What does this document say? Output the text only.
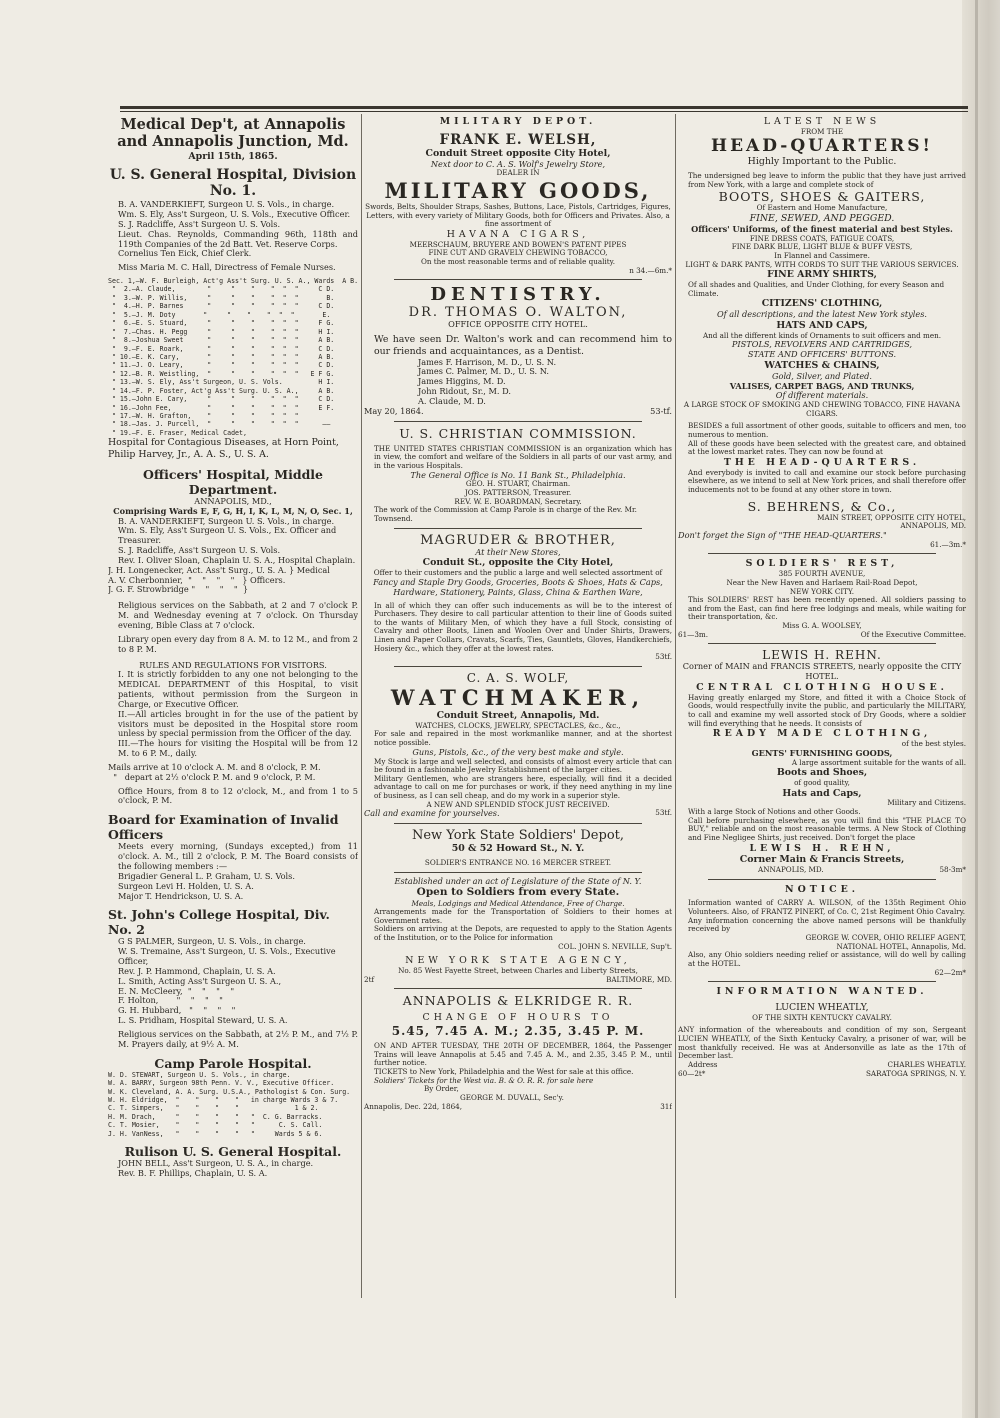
Medical Dep't, at Annapolis and Annapolis Junction, Md.

April 15th, 1865.

U. S. General Hospital, Division No. 1.

B. A. VANDERKIEFT, Surgeon U. S. Vols., in charge.

Wm. S. Ely, Ass't Surgeon, U. S. Vols., Executive Officer.

S. J. Radcliffe, Ass't Surgeon U. S. Vols.

Lieut. Chas. Reynolds, Commanding 96th, 118th and 119th Companies of the 2d Batt. Vet. Reserve Corps.

Cornelius Ten Eick, Chief Clerk.

Miss Maria M. C. Hall, Directress of Female Nurses.

Sec. 1,—W. F. Burleigh, Act'g Ass't Surg. U. S. A., Wards  A B.
"  2.—A. Claude,        "     "    "    "  "  "     C D.
"  3.—W. P. Willis,     "     "    "    "  "  "       B.
"  4.—H. P. Barnes      "     "    "    "  "  "     C D.
"  5.—J. M. Doty       "     "    "    "  "  "       E.
"  6.—E. S. Stuard,     "     "    "    "  "  "     F G.
"  7.—Chas. H. Pegg     "     "    "    "  "  "     H I.
"  8.—Joshua Sweet      "     "    "    "  "  "     A B.
"  9.—F. E. Roark,      "     "    "    "  "  "     C D.
" 10.—E. K. Cary,       "     "    "    "  "  "     A B.
" 11.—J. O. Leary,      "     "    "    "  "  "     C D.
" 12.—B. R. Weistling,  "     "    "    "  "  "   E F G.
" 13.—W. S. Ely, Ass't Surgeon, U. S. Vols.         H I.
" 14.—F. P. Foster, Act'g Ass't Surg. U. S. A.,     A B.
" 15.—John E. Cary,     "     "    "    "  "  "     C D.
" 16.—John Fee,         "     "    "    "  "  "     E F.
" 17.—W. H. Grafton,    "     "    "    "  "  "
" 18.—Jas. J. Purcell,  "     "    "    "  "  "      ——
" 19.—F. E. Fraser, Medical Cadet,

Hospital for Contagious Diseases, at Horn Point, Philip Harvey, Jr., A. A. S., U. S. A.

Officers' Hospital, Middle Department.

ANNAPOLIS, MD.,

Comprising Wards E, F, G, H, I, K, L, M, N, O, Sec. 1,

B. A. VANDERKIEFT, Surgeon U. S. Vols., in charge.

Wm. S. Ely, Ass't Surgeon U. S. Vols., Ex. Officer and Treasurer.

S. J. Radcliffe, Ass't Surgeon U. S. Vols.

Rev. I. Oliver Sloan, Chaplain U. S. A., Hospital Chaplain.

J. H. Longenecker, Act. Ass't Surg., U. S. A. } Medical

A. V. Cherbonnier,  "    "    "    "   } Officers.

J. G. F. Strowbridge "    "    "    "  }

Religious services on the Sabbath, at 2 and 7 o'clock P. M. and Wednesday evening at 7 o'clock. On Thursday evening, Bible Class at 7 o'clock.

Library open every day from 8 A. M. to 12 M., and from 2 to 8 P. M.

RULES AND REGULATIONS FOR VISITORS.

I. It is strictly forbidden to any one not belonging to the MEDICAL DEPARTMENT of this Hospital, to visit patients, without permission from the Surgeon in Charge, or Executive Officer.

II.—All articles brought in for the use of the patient by visitors must be deposited in the Hospital store room unless by special permission from the Officer of the day.

III.—The hours for visiting the Hospital will be from 12 M. to 6 P. M., daily.

Mails arrive at 10 o'clock A. M. and 8 o'clock, P. M.
"   depart at 2½ o'clock P. M. and 9 o'clock, P. M.

Office Hours, from 8 to 12 o'clock, M., and from 1 to 5 o'clock, P. M.

Board for Examination of Invalid Officers

Meets every morning, (Sundays excepted,) from 11 o'clock. A. M., till 2 o'clock, P. M. The Board consists of the following members :—

Brigadier General L. P. Graham, U. S. Vols.

Surgeon Levi H. Holden, U. S. A.

Major T. Hendrickson, U. S. A.

St. John's College Hospital, Div. No. 2

G S PALMER, Surgeon, U. S. Vols., in charge.

W. S. Tremaine, Ass't Surgeon, U. S. Vols., Executive Officer,

Rev. J. P. Hammond, Chaplain, U. S. A.

L. Smith, Acting Ass't Surgeon U. S. A.,

E. N. McCleery,  "    "    "    "

F. Holton,       "    "    "    "

G. H. Hubbard,   "    "    "    "

L. S. Pridham, Hospital Steward, U. S. A.

Religious services on the Sabbath, at 2½ P. M., and 7½ P. M. Prayers daily, at 9½ A. M.

Camp Parole Hospital.

W. D. STEWART, Surgeon U. S. Vols., in charge.
W. A. BARRY, Surgeon 98th Penn. V. V., Executive Officer.
W. K. Cleveland, A. A. Surg. U.S.A., Pathologist & Con. Surg.
W. H. Eldridge,  "    "    "    "   in charge Wards 3 & 7.
C. T. Simpers,   "    "    "    "              1 & 2.
H. M. Drach,     "    "    "    "   "  C. G. Barracks.
C. T. Mosier,    "    "    "    "   "      C. S. Call.
J. H. VanNess,   "    "    "    "   "     Wards 5 & 6.

Rulison U. S. General Hospital.

JOHN BELL, Ass't Surgeon, U. S. A., in charge.

Rev. B. F. Phillips, Chaplain, U. S. A.

MILITARY DEPOT.

FRANK E. WELSH,

Conduit Street opposite City Hotel,

Next door to C. A. S. Wolf's Jewelry Store,

DEALER IN

MILITARY GOODS,

Swords, Belts, Shoulder Straps, Sashes, Buttons, Lace, Pistols, Cartridges, Figures, Letters, with every variety of Military Goods, both for Officers and Privates. Also, a fine assortment of

HAVANA CIGARS,

MEERSCHAUM, BRUYERE AND BOWEN'S PATENT PIPES

FINE CUT AND GRAVELY CHEWING TOBACCO,

On the most reasonable terms and of reliable quality.

n 34.—6m.*

DENTISTRY.

DR. THOMAS O. WALTON,

OFFICE OPPOSITE CITY HOTEL.

We have seen Dr. Walton's work and can recommend him to our friends and acquaintances, as a Dentist.

James F. Harrison, M. D., U. S. N.

James C. Palmer, M. D., U. S. N.

James Higgins, M. D.

John Ridout, Sr., M. D.

A. Claude, M. D.

May 20, 1864.	53-tf.

U. S. CHRISTIAN COMMISSION.

THE UNITED STATES CHRISTIAN COMMISSION is an organization which has in view, the comfort and welfare of the Soldiers in all parts of our vast army, and in the various Hospitals.

The General Office is No. 11 Bank St., Philadelphia.

GEO. H. STUART, Chairman.

JOS. PATTERSON, Treasurer.

REV. W. E. BOARDMAN, Secretary.

The work of the Commission at Camp Parole is in charge of the Rev. Mr. Townsend.

MAGRUDER & BROTHER,

At their New Stores,

Conduit St., opposite the City Hotel,

Offer to their customers and the public a large and well selected assortment of

Fancy and Staple Dry Goods, Groceries, Boots & Shoes, Hats & Caps, Hardware, Stationery, Paints, Glass, China & Earthen Ware,

In all of which they can offer such inducements as will be to the interest of Purchasers. They desire to call particular attention to their line of Goods suited to the wants of Military Men, of which they have a full Stock, consisting of Cavalry and other Boots, Linen and Woolen Over and Under Shirts, Drawers, Linen and Paper Collars, Cravats, Scarfs, Ties, Gauntlets, Gloves, Handkerchiefs, Hosiery &c., which they offer at the lowest rates.

53tf.

C. A. S. WOLF,

WATCHMAKER,

Conduit Street, Annapolis, Md.

WATCHES, CLOCKS, JEWELRY, SPECTACLES, &c., &c.,

For sale and repaired in the most workmanlike manner, and at the shortest notice possible.

Guns, Pistols, &c., of the very best make and style.

My Stock is large and well selected, and consists of almost every article that can be found in a fashionable Jewelry Establishment of the larger cities.

Military Gentlemen, who are strangers here, especially, will find it a decided advantage to call on me for purchases or work, if they need anything in my line of business, as I can sell cheap, and do my work in a superior style.

A NEW AND SPLENDID STOCK JUST RECEIVED.

Call and examine for yourselves.	53tf.

New York State Soldiers' Depot,

50 & 52 Howard St., N. Y.

SOLDIER'S ENTRANCE NO. 16 MERCER STREET.

Established under an act of Legislature of the State of N. Y.

Open to Soldiers from every State.

Meals, Lodgings and Medical Attendance, Free of Charge.

Arrangements made for the Transportation of Soldiers to their homes at Government rates.

Soldiers on arriving at the Depots, are requested to apply to the Station Agents of the Institution, or to the Police for information

COL. JOHN S. NEVILLE, Sup't.

NEW YORK STATE AGENCY,

No. 85 West Fayette Street, between Charles and Liberty Streets,

2tf	BALTIMORE, MD.

ANNAPOLIS & ELKRIDGE R. R.

CHANGE OF HOURS TO

5.45, 7.45 A. M.; 2.35, 3.45 P. M.

ON AND AFTER TUESDAY, THE 20TH OF DECEMBER, 1864, the Passenger Trains will leave Annapolis at 5.45 and 7.45 A. M., and 2.35, 3.45 P. M., until further notice.

TICKETS to New York, Philadelphia and the West for sale at this office.

Soldiers' Tickets for the West via. B. & O. R. R. for sale here

By Order,

GEORGE M. DUVALL, Sec'y.

Annapolis, Dec. 22d, 1864,	31f

LATEST NEWS

FROM THE

HEAD-QUARTERS!

Highly Important to the Public.

The undersigned beg leave to inform the public that they have just arrived from New York, with a large and complete stock of

BOOTS, SHOES & GAITERS,

Of Eastern and Home Manufacture,

FINE, SEWED, AND PEGGED.

Officers' Uniforms, of the finest material and best Styles.

FINE DRESS COATS, FATIGUE COATS,

FINE DARK BLUE, LIGHT BLUE & BUFF VESTS,

In Flannel and Cassimere.

LIGHT & DARK PANTS, WITH CORDS TO SUIT THE VARIOUS SERVICES.

FINE ARMY SHIRTS,

Of all shades and Qualities, and Under Clothing, for every Season and Climate.

CITIZENS' CLOTHING,

Of all descriptions, and the latest New York styles.

HATS AND CAPS,

And all the different kinds of Ornaments to suit officers and men.

PISTOLS, REVOLVERS AND CARTRIDGES,

STATE AND OFFICERS' BUTTONS.

WATCHES & CHAINS,

Gold, Silver, and Plated.

VALISES, CARPET BAGS, AND TRUNKS,

Of different materials.

A LARGE STOCK OF SMOKING AND CHEWING TOBACCO, FINE HAVANA CIGARS.

BESIDES a full assortment of other goods, suitable to officers and men, too numerous to mention.

All of these goods have been selected with the greatest care, and obtained at the lowest market rates. They can now be found at

THE HEAD-QUARTERS.

And everybody is invited to call and examine our stock before purchasing elsewhere, as we intend to sell at New York prices, and shall therefore offer inducements not to be found at any other store in town.

S. BEHRENS, & Co.,

MAIN STREET, OPPOSITE CITY HOTEL,

ANNAPOLIS, MD.

Don't forget the Sign of "THE HEAD-QUARTERS."

61.—3m.*

SOLDIERS' REST,

385 FOURTH AVENUE,

Near the New Haven and Harlaem Rail-Road Depot,

NEW YORK CITY.

This SOLDIERS' REST has been recently opened. All soldiers passing to and from the East, can find here free lodgings and meals, while waiting for their transportation, &c.

Miss G. A. WOOLSEY,

61—3m.	Of the Executive Committee.

LEWIS H. REHN.

Corner of MAIN and FRANCIS STREETS, nearly opposite the CITY HOTEL.

CENTRAL CLOTHING HOUSE.

Having greatly enlarged my Store, and fitted it with a Choice Stock of Goods, would respectfully invite the public, and particularly the MILITARY, to call and examine my well assorted stock of Dry Goods, where a soldier will find everything that he needs. It consists of

READY MADE CLOTHING,

of the best styles.

GENTS' FURNISHING GOODS,

A large assortment suitable for the wants of all.

Boots and Shoes,

of good quality,

Hats and Caps,

Military and Citizens.

With a large Stock of Notions and other Goods.

Call before purchasing elsewhere, as you will find this "THE PLACE TO BUY," reliable and on the most reasonable terms. A New Stock of Clothing and Fine Negligee Shirts, just received. Don't forget the place

LEWIS H. REHN,

Corner Main & Francis Streets,

ANNAPOLIS, MD.	58-3m*

NOTICE.

Information wanted of CARRY A. WILSON, of the 135th Regiment Ohio Volunteers. Also, of FRANTZ PINERT, of Co. C, 21st Regiment Ohio Cavalry.

Any information concerning the above named persons will be thankfully received by

GEORGE W. COVER, OHIO RELIEF AGENT,

NATIONAL HOTEL, Annapolis, Md.

Also, any Ohio soldiers needing relief or assistance, will do well by calling at the HOTEL.

62—2m*

INFORMATION WANTED.

LUCIEN WHEATLY,

OF THE SIXTH KENTUCKY CAVALRY.

ANY information of the whereabouts and condition of my son, Sergeant LUCIEN WHEATLY, of the Sixth Kentucky Cavalry, a prisoner of war, will be most thankfully received. He was at Andersonville as late as the 17th of December last.

Address	CHARLES WHEATLY.
60—2t*	SARATOGA SPRINGS, N. Y.
